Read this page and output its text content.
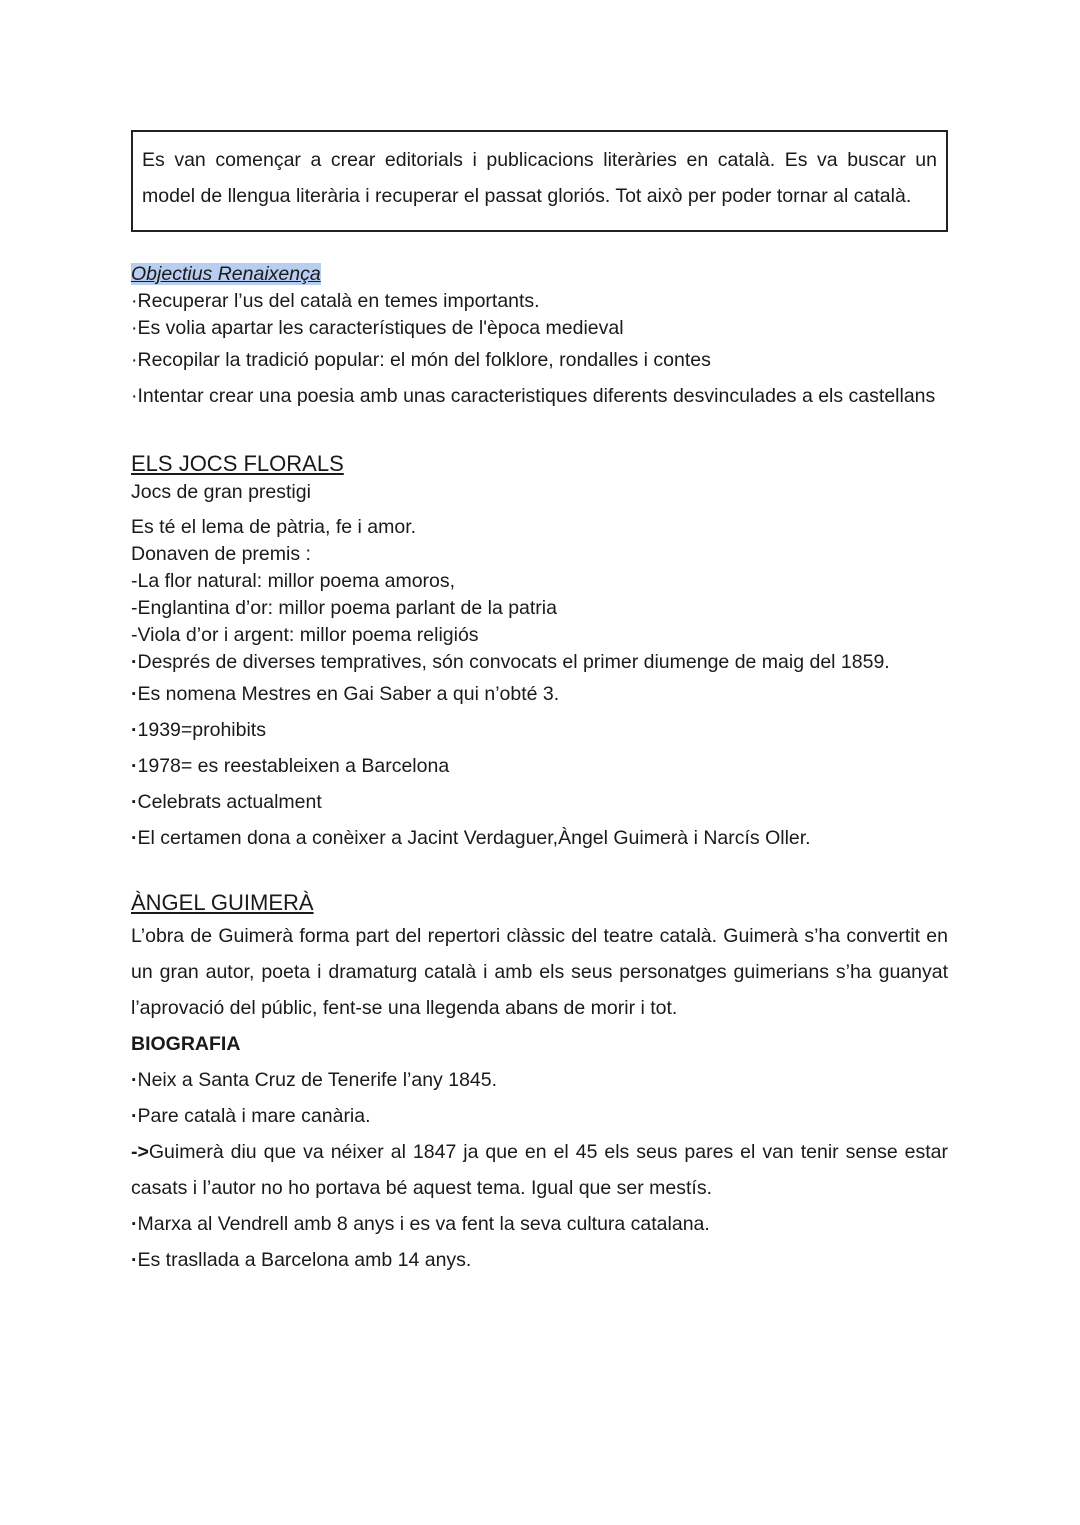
Es van començar a crear editorials i publicacions literàries en català. Es va buscar un model de llengua literària i recuperar el passat gloriós. Tot això per poder tornar al català.
Objectius Renaixença
·Recuperar l’us del català en temes importants.
·Es volia apartar les característiques de l'època medieval
·Recopilar la tradició popular: el món del folklore, rondalles i contes
·Intentar crear una poesia amb unas caracteristiques diferents desvinculades a els castellans
ELS JOCS FLORALS
Jocs de gran prestigi
Es té el lema de pàtria, fe i amor.
Donaven de premis :
-La flor natural: millor poema amoros,
-Englantina d’or: millor poema parlant de la patria
-Viola d’or i argent: millor poema religiós
·Després de diverses tempratives, són convocats el primer diumenge de maig del 1859.
·Es nomena Mestres en Gai Saber a qui n’obté 3.
·1939=prohibits
·1978= es reestableixen a Barcelona
·Celebrats actualment
·El certamen dona a conèixer a Jacint Verdaguer,Àngel Guimerà i Narcís Oller.
ÀNGEL GUIMERÀ
L’obra de Guimerà forma part del repertori clàssic del teatre català. Guimerà s’ha convertit en un gran autor, poeta i dramaturg català i amb els seus personatges guimerians s’ha guanyat l’aprovació del públic, fent-se una llegenda abans de morir i tot.
BIOGRAFIA
·Neix a Santa Cruz de Tenerife l’any 1845.
·Pare català i mare canària.
->Guimerà diu que va néixer al 1847 ja que en el 45 els seus pares el van tenir sense estar casats i l’autor no ho portava bé aquest tema. Igual que ser mestís.
·Marxa al Vendrell amb 8 anys i es va fent la seva cultura catalana.
·Es trasllada a Barcelona amb 14 anys.
